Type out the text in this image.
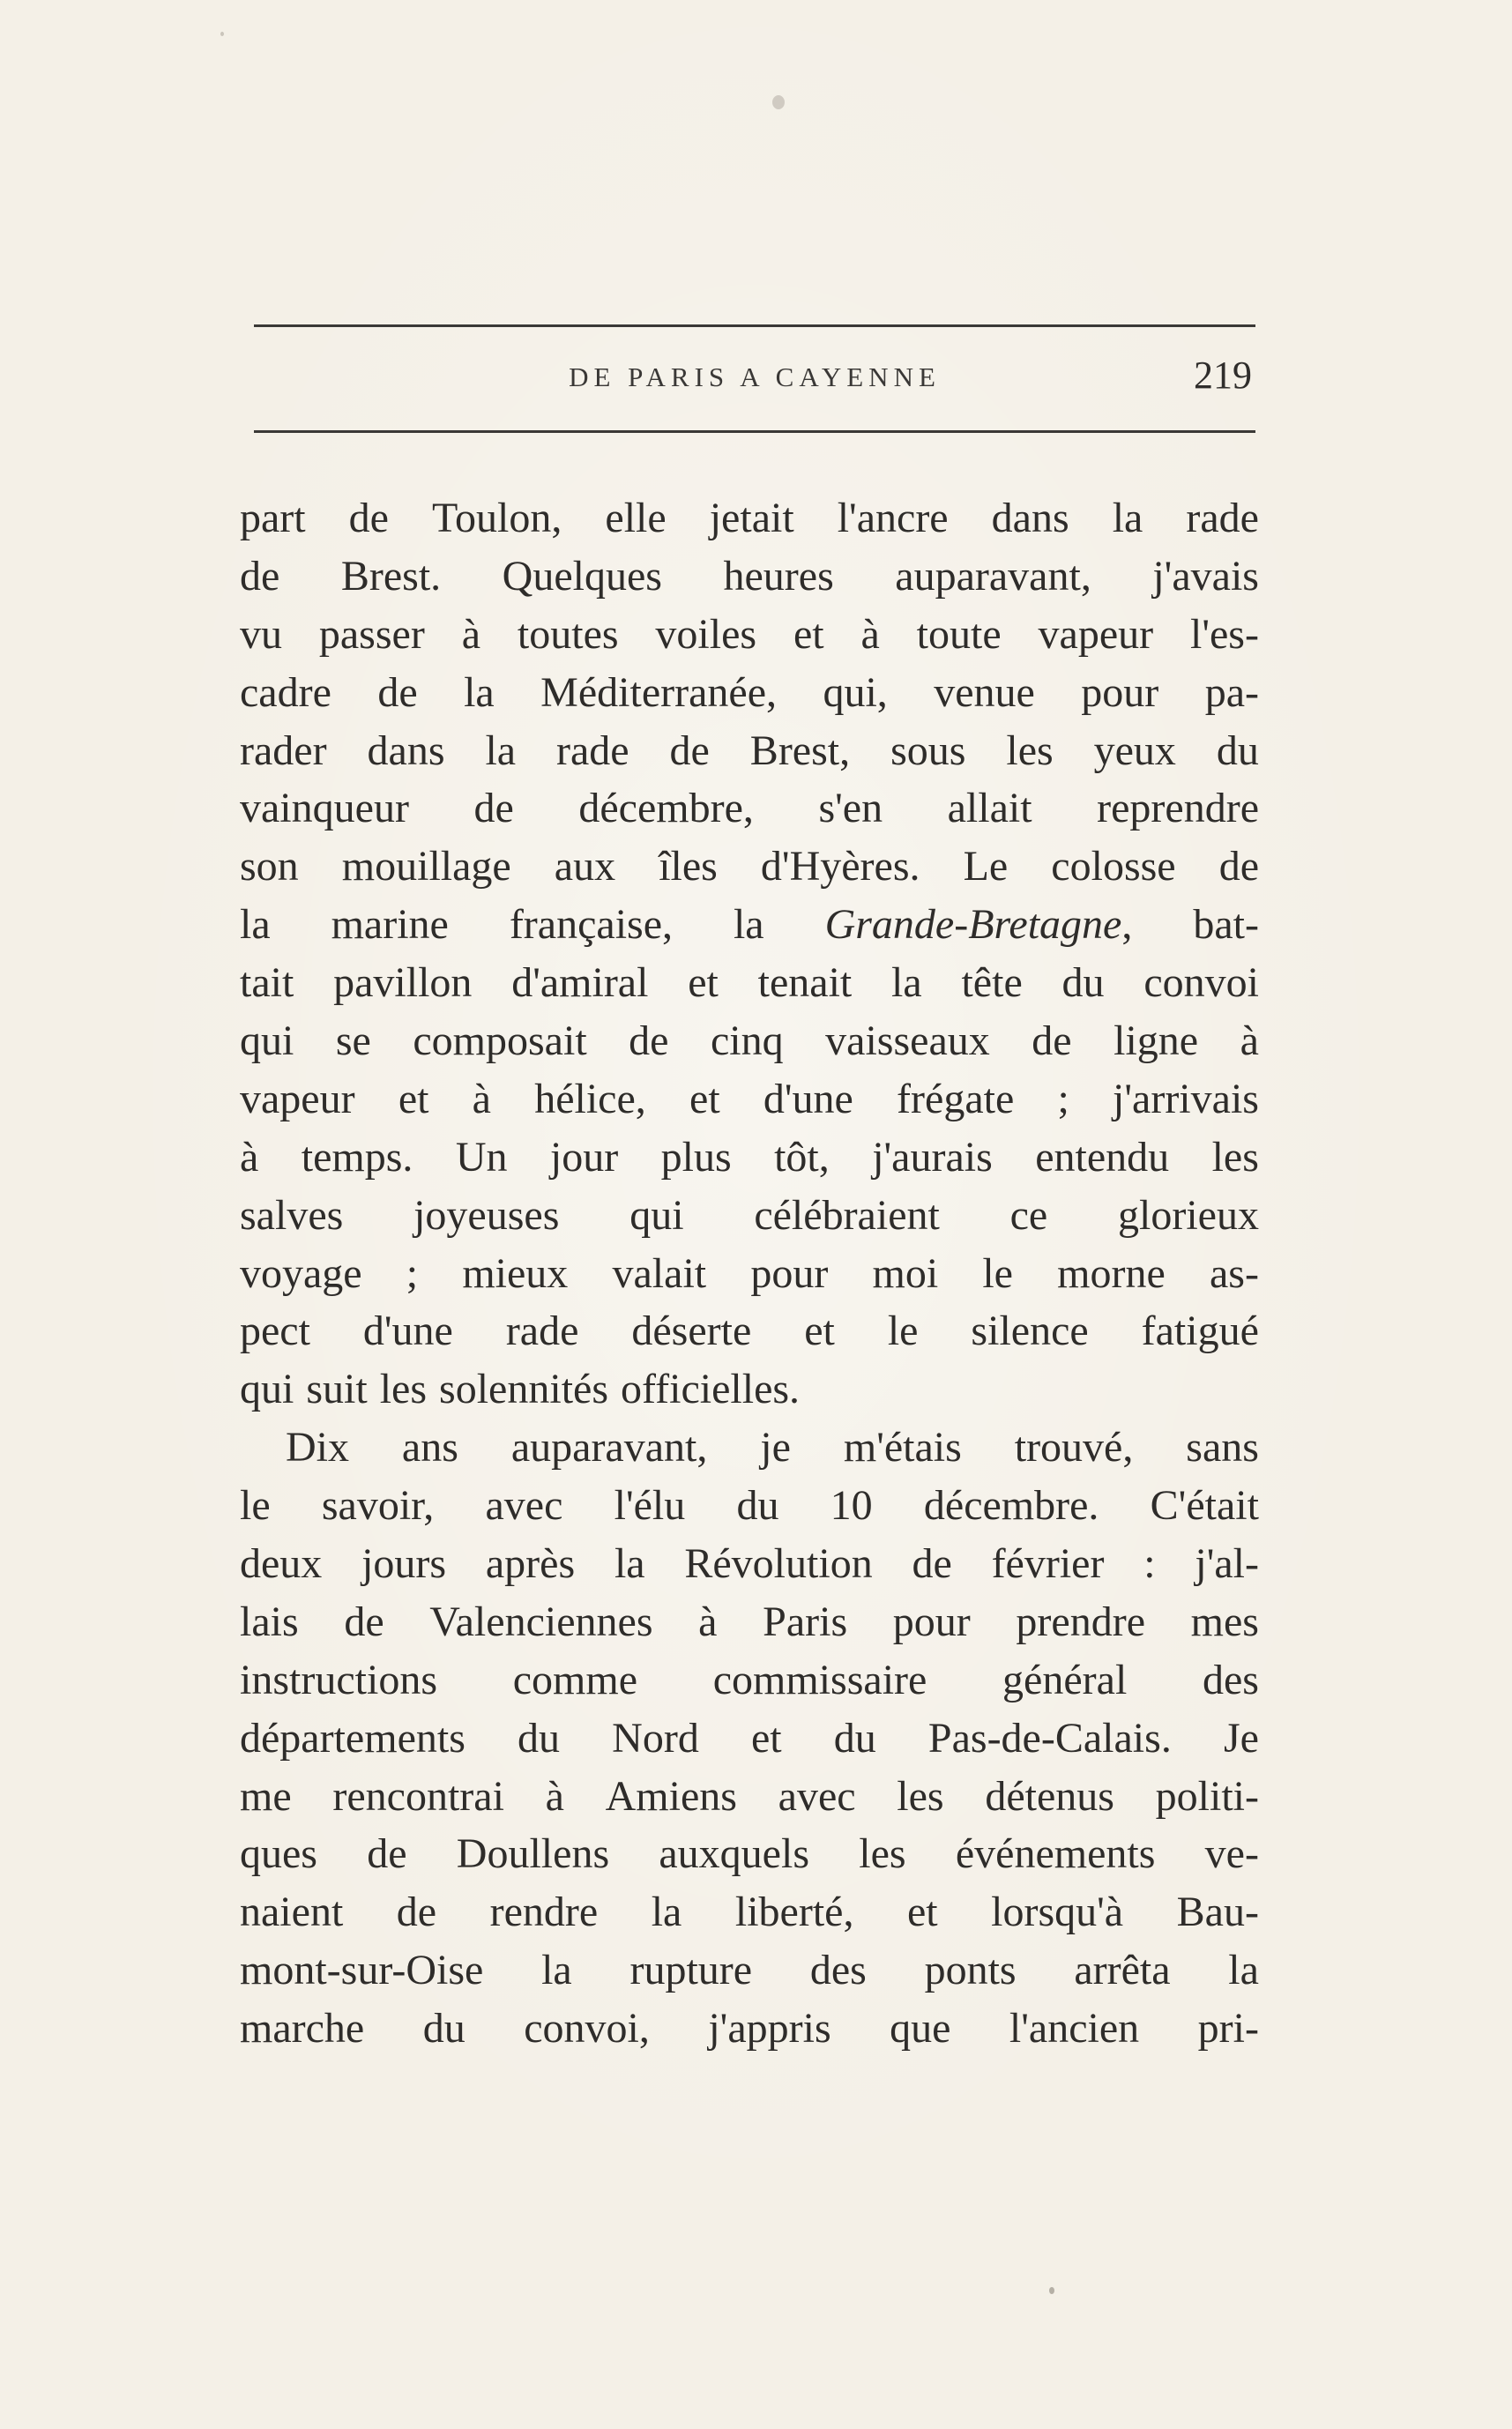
DE PARIS A CAYENNE	219
part de Toulon, elle jetait l'ancre dans la rade
de Brest. Quelques heures auparavant, j'avais
vu passer à toutes voiles et à toute vapeur l'es-
cadre de la Méditerranée, qui, venue pour pa-
rader dans la rade de Brest, sous les yeux du
vainqueur de décembre, s'en allait reprendre
son mouillage aux îles d'Hyères. Le colosse de
la marine française, la Grande-Bretagne, bat-
tait pavillon d'amiral et tenait la tête du convoi
qui se composait de cinq vaisseaux de ligne à
vapeur et à hélice, et d'une frégate ; j'arrivais
à temps. Un jour plus tôt, j'aurais entendu les
salves joyeuses qui célébraient ce glorieux
voyage ; mieux valait pour moi le morne as-
pect d'une rade déserte et le silence fatigué
qui suit les solennités officielles.
Dix ans auparavant, je m'étais trouvé, sans
le savoir, avec l'élu du 10 décembre. C'était
deux jours après la Révolution de février : j'al-
lais de Valenciennes à Paris pour prendre mes
instructions comme commissaire général des
départements du Nord et du Pas-de-Calais. Je
me rencontrai à Amiens avec les détenus politi-
ques de Doullens auxquels les événements ve-
naient de rendre la liberté, et lorsqu'à Bau-
mont-sur-Oise la rupture des ponts arrêta la
marche du convoi, j'appris que l'ancien pri-
